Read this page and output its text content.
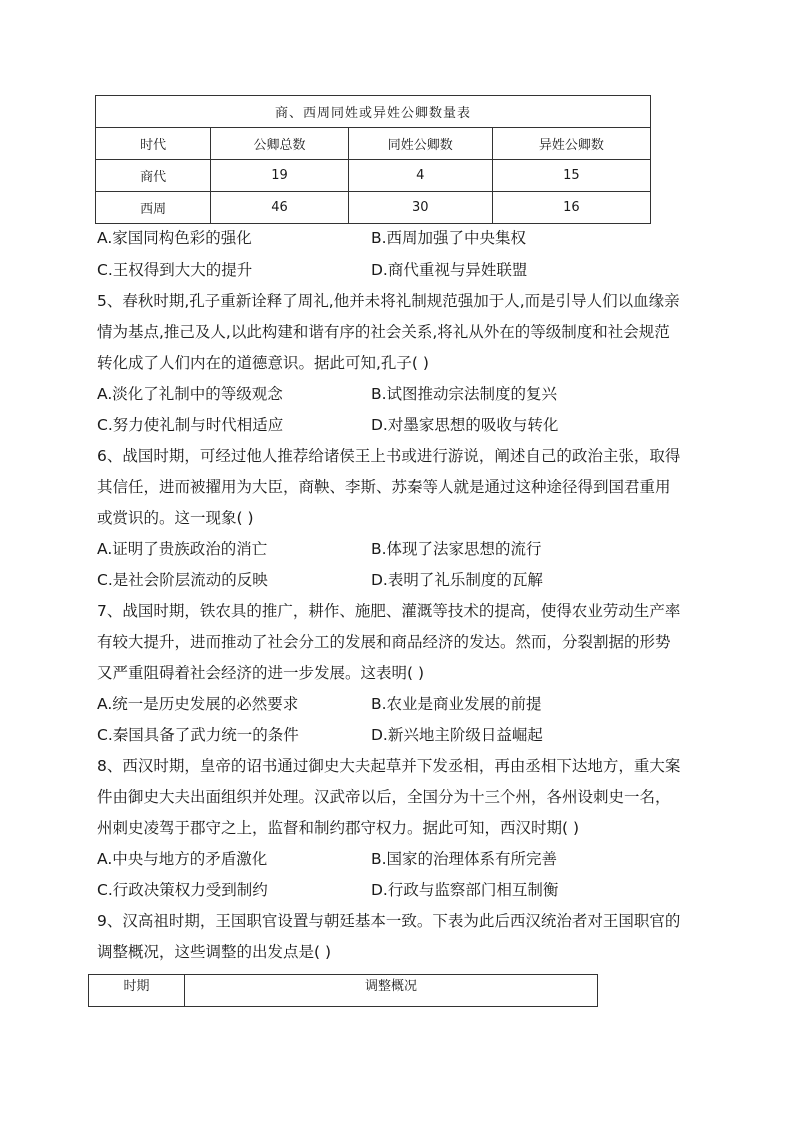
商、西周同姓或异姓公卿数量表			
时代	公卿总数	同姓公卿数	异姓公卿数
商代	19	4	15
西周	46	30	16
A.家国同构色彩的强化	B.西周加强了中央集权
C.王权得到大大的提升	D.商代重视与异姓联盟
5、春秋时期,孔子重新诠释了周礼,他并未将礼制规范强加于人,而是引导人们以血缘亲
情为基点,推己及人,以此构建和谐有序的社会关系,将礼从外在的等级制度和社会规范
转化成了人们内在的道德意识。据此可知,孔子( )
A.淡化了礼制中的等级观念	B.试图推动宗法制度的复兴
C.努力使礼制与时代相适应	D.对墨家思想的吸收与转化
6、战国时期，可经过他人推荐给诸侯王上书或进行游说，阐述自己的政治主张，取得
其信任，进而被擢用为大臣，商鞅、李斯、苏秦等人就是通过这种途径得到国君重用
或赏识的。这一现象( )
A.证明了贵族政治的消亡	B.体现了法家思想的流行
C.是社会阶层流动的反映	D.表明了礼乐制度的瓦解
7、战国时期，铁农具的推广，耕作、施肥、灌溉等技术的提高，使得农业劳动生产率
有较大提升，进而推动了社会分工的发展和商品经济的发达。然而，分裂割据的形势
又严重阻碍着社会经济的进一步发展。这表明( )
A.统一是历史发展的必然要求	B.农业是商业发展的前提
C.秦国具备了武力统一的条件	D.新兴地主阶级日益崛起
8、西汉时期，皇帝的诏书通过御史大夫起草并下发丞相，再由丞相下达地方，重大案
件由御史大夫出面组织并处理。汉武帝以后，全国分为十三个州，各州设刺史一名，
州刺史凌驾于郡守之上，监督和制约郡守权力。据此可知，西汉时期( )
A.中央与地方的矛盾激化	B.国家的治理体系有所完善
C.行政决策权力受到制约	D.行政与监察部门相互制衡
9、汉高祖时期，王国职官设置与朝廷基本一致。下表为此后西汉统治者对王国职官的
调整概况，这些调整的出发点是( )
时期	调整概况
